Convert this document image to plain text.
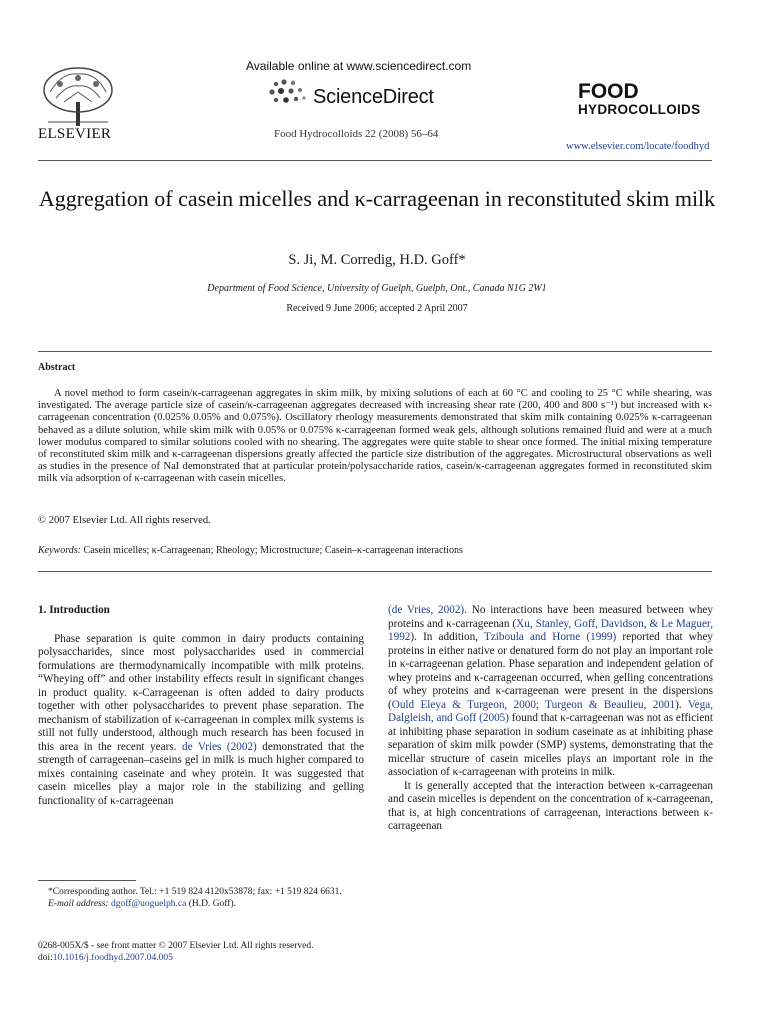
ELSEVIER
Available online at www.sciencedirect.com
ScienceDirect
Food Hydrocolloids 22 (2008) 56–64
FOOD
HYDROCOLLOIDS
www.elsevier.com/locate/foodhyd
Aggregation of casein micelles and κ-carrageenan in reconstituted skim milk
S. Ji, M. Corredig, H.D. Goff*
Department of Food Science, University of Guelph, Guelph, Ont., Canada N1G 2W1
Received 9 June 2006; accepted 2 April 2007
Abstract
A novel method to form casein/κ-carrageenan aggregates in skim milk, by mixing solutions of each at 60 °C and cooling to 25 °C while shearing, was investigated. The average particle size of casein/κ-carrageenan aggregates decreased with increasing shear rate (200, 400 and 800 s⁻¹) but increased with κ-carrageenan concentration (0.025% 0.05% and 0.075%). Oscillatory rheology measurements demonstrated that skim milk containing 0.025% κ-carrageenan behaved as a dilute solution, while skim milk with 0.05% or 0.075% κ-carrageenan formed weak gels, although solutions remained fluid and were at a much lower modulus compared to similar solutions cooled with no shearing. The aggregates were quite stable to shear once formed. The initial mixing temperature of reconstituted skim milk and κ-carrageenan dispersions greatly affected the particle size distribution of the aggregates. Microstructural observations as well as studies in the presence of NaI demonstrated that at particular protein/polysaccharide ratios, casein/κ-carrageenan aggregates formed in reconstituted skim milk via adsorption of κ-carrageenan with casein micelles.
© 2007 Elsevier Ltd. All rights reserved.
Keywords: Casein micelles; κ-Carrageenan; Rheology; Microstructure; Casein–κ-carrageenan interactions
1. Introduction

Phase separation is quite common in dairy products containing polysaccharides, since most polysaccharides used in commercial formulations are thermodynamically incompatible with milk proteins. “Wheying off” and other instability effects result in significant changes in product quality. κ-Carrageenan is often added to dairy products together with other polysaccharides to prevent phase separation. The mechanism of stabilization of κ-carrageenan in complex milk systems is still not fully understood, although much research has been focused in this area in the recent years. de Vries (2002) demonstrated that the strength of carrageenan–caseins gel in milk is much higher compared to mixes containing caseinate and whey protein. It was suggested that casein micelles play a major role in the stabilizing and gelling functionality of κ-carrageenan

(de Vries, 2002). No interactions have been measured between whey proteins and κ-carrageenan (Xu, Stanley, Goff, Davidson, & Le Maguer, 1992). In addition, Tziboula and Horne (1999) reported that whey proteins in either native or denatured form do not play an important role in κ-carrageenan gelation. Phase separation and independent gelation of whey proteins and κ-carrageenan occurred, when gelling concentrations of whey proteins and κ-carrageenan were present in the dispersions (Ould Eleya & Turgeon, 2000; Turgeon & Beaulieu, 2001). Vega, Dalgleish, and Goff (2005) found that κ-carrageenan was not as efficient at inhibiting phase separation in sodium caseinate as at inhibiting phase separation of skim milk powder (SMP) systems, demonstrating that the micellar structure of casein micelles plays an important role in the association of κ-carrageenan with proteins in milk.

It is generally accepted that the interaction between κ-carrageenan and casein micelles is dependent on the concentration of κ-carrageenan, that is, at high concentrations of carrageenan, interactions between κ-carrageenan

*Corresponding author. Tel.: +1 519 824 4120x53878; fax: +1 519 824 6631.
E-mail address: dgoff@uoguelph.ca (H.D. Goff).
0268-005X/$ - see front matter © 2007 Elsevier Ltd. All rights reserved.
doi:10.1016/j.foodhyd.2007.04.005
